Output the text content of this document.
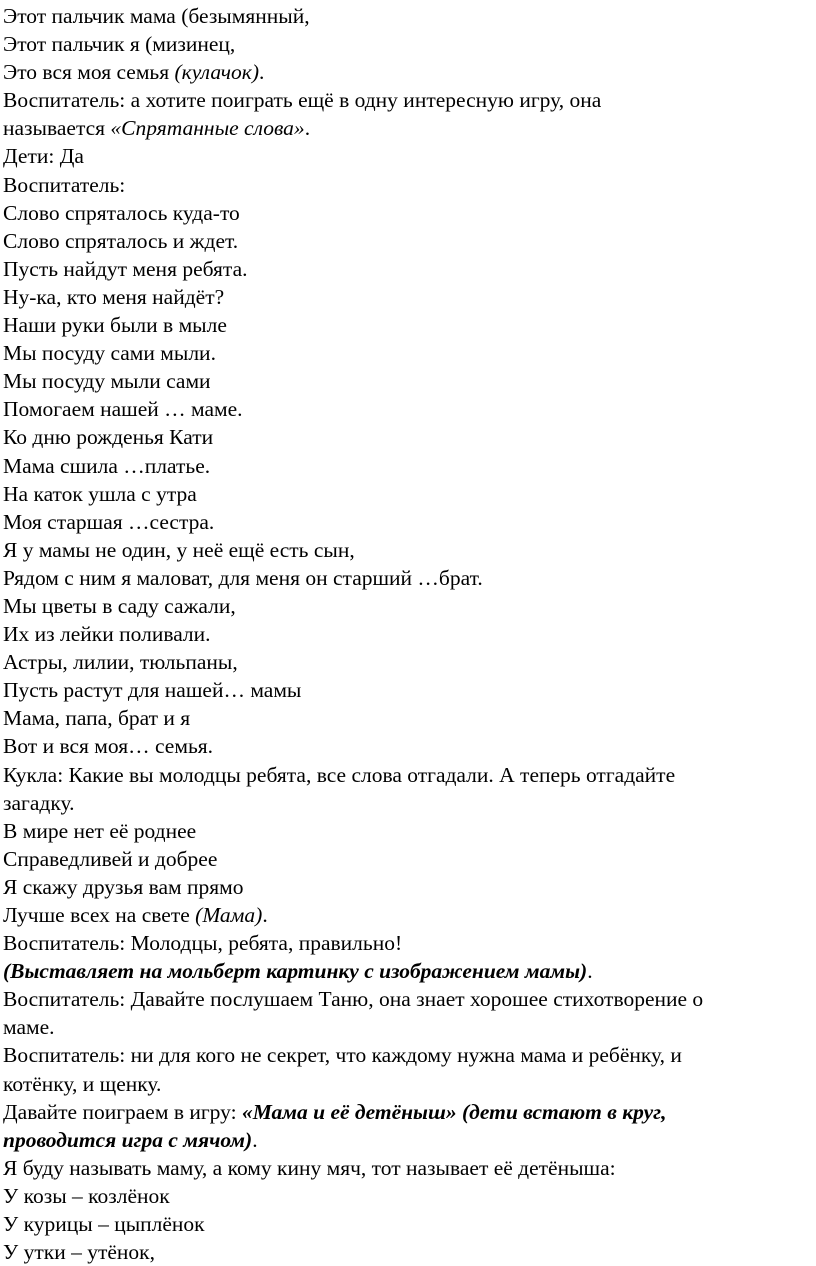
Этот пальчик мама (безымянный,
Этот пальчик я (мизинец,
Это вся моя семья (кулачок).
Воспитатель: а хотите поиграть ещё в одну интересную игру, она
называется «Спрятанные слова».
Дети: Да
Воспитатель:
Слово спряталось куда-то
Слово спряталось и ждет.
Пусть найдут меня ребята.
Ну-ка, кто меня найдёт?
Наши руки были в мыле
Мы посуду сами мыли.
Мы посуду мыли сами
Помогаем нашей … маме.
Ко дню рожденья Кати
Мама сшила …платье.
На каток ушла с утра
Моя старшая …сестра.
Я у мамы не один, у неё ещё есть сын,
Рядом с ним я маловат, для меня он старший …брат.
Мы цветы в саду сажали,
Их из лейки поливали.
Астры, лилии, тюльпаны,
Пусть растут для нашей… мамы
Мама, папа, брат и я
Вот и вся моя… семья.
Кукла: Какие вы молодцы ребята, все слова отгадали. А теперь отгадайте
загадку.
В мире нет её роднее
Справедливей и добрее
Я скажу друзья вам прямо
Лучше всех на свете (Мама).
Воспитатель: Молодцы, ребята, правильно!
(Выставляет на мольберт картинку с изображением мамы).
Воспитатель: Давайте послушаем Таню, она знает хорошее стихотворение о
маме.
Воспитатель: ни для кого не секрет, что каждому нужна мама и ребёнку, и
котёнку, и щенку.
Давайте поиграем в игру: «Мама и её детёныш» (дети встают в круг,
проводится игра с мячом).
Я буду называть маму, а кому кину мяч, тот называет её детёныша:
У козы – козлёнок
У курицы – цыплёнок
У утки – утёнок,
